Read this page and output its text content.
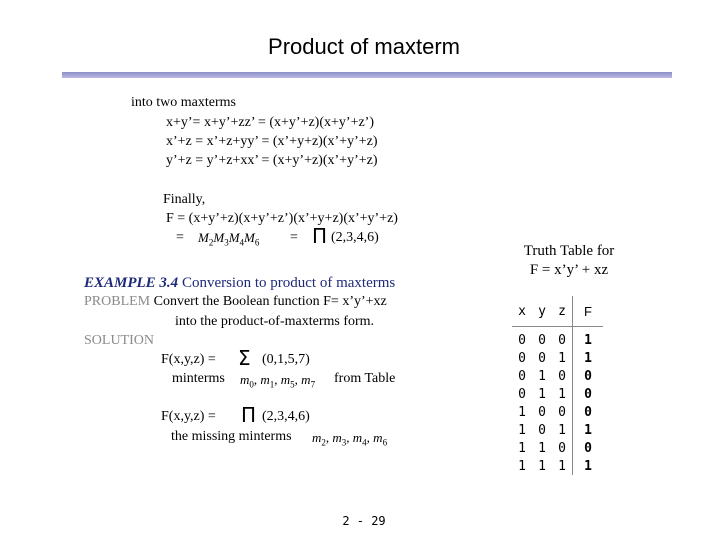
Product of maxterm
into two maxterms
x+y’= x+y’+zz’ = (x+y’+z)(x+y’+z’)
x’+z = x’+z+yy’ = (x’+y+z)(x’+y’+z)
y’+z = y’+z+xx’ = (x+y’+z)(x’+y’+z)
Finally,
F = (x+y’+z)(x+y’+z’)(x’+y+z)(x’+y’+z)
= $M_2M_3M_4M_6 = \Pi$ (2,3,4,6)
EXAMPLE 3.4 Conversion to product of maxterms
PROBLEM Convert the Boolean function F= x’y’+xz
into the product-of-maxterms form.
SOLUTION
F(x,y,z) = Σ (0,1,5,7)
minterms $m_0$, $m_1$, $m_5$, $m_7$ from Table
F(x,y,z) = Π (2,3,4,6)
the missing minterms $m_2$, $m_3$, $m_4$, $m_6$
Truth Table for
F = x’y’ + xz
x	y	z	F
0	0	0	1
0	0	1	1
0	1	0	0
0	1	1	0
1	0	0	0
1	0	1	1
1	1	0	0
1	1	1	1
2 - 29
